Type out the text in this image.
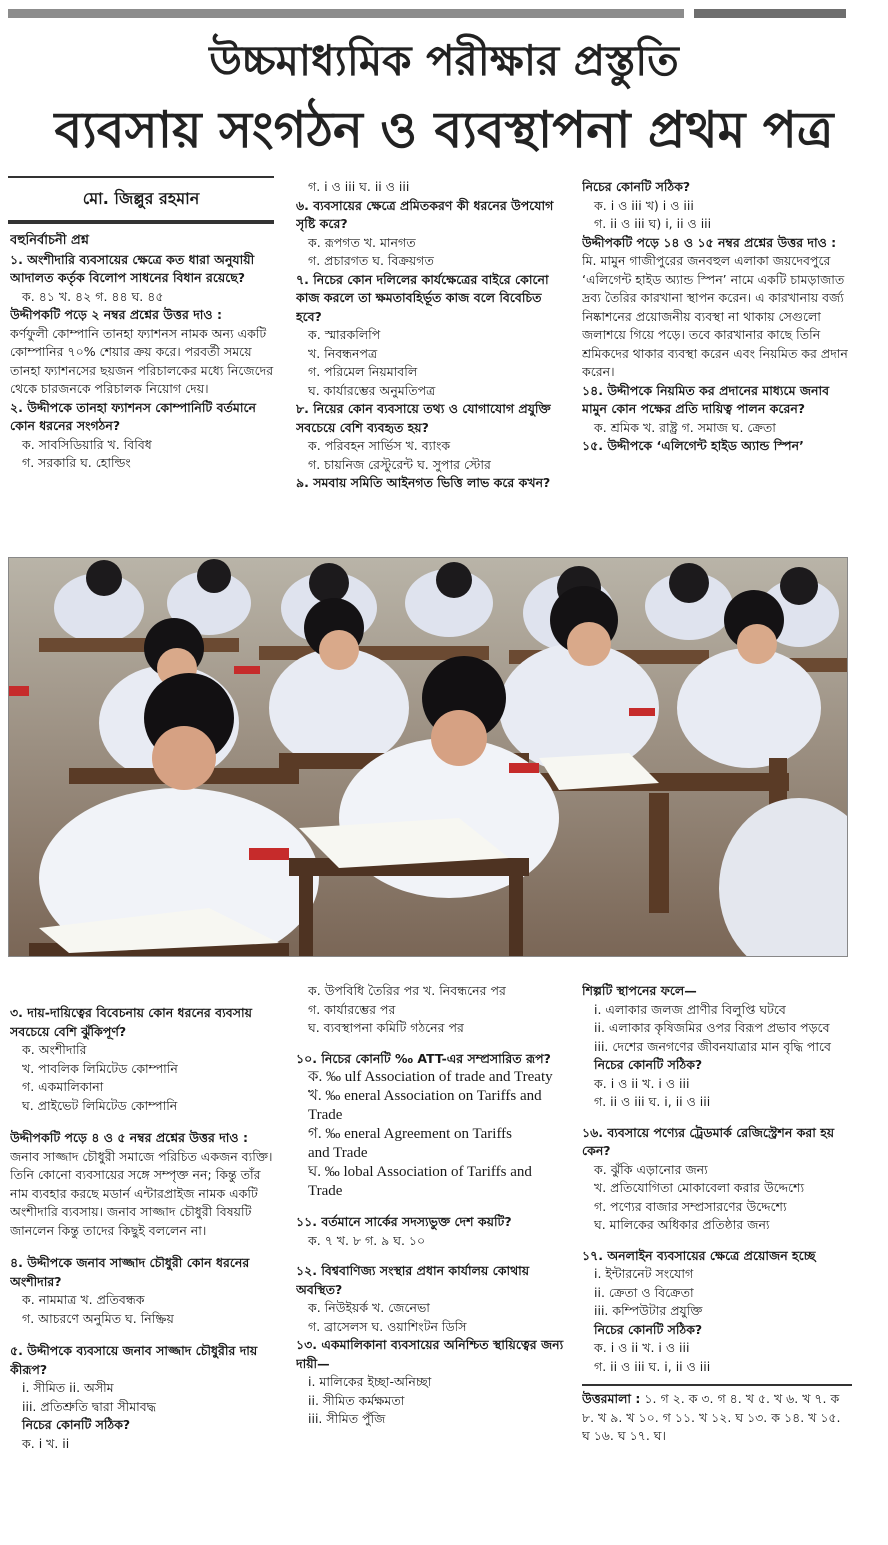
উচ্চমাধ্যমিক পরীক্ষার প্রস্তুতি
ব্যবসায় সংগঠন ও ব্যবস্থাপনা প্রথম পত্র
মো. জিল্লুর রহমান

বহুনির্বাচনী প্রশ্ন

১. অংশীদারি ব্যবসায়ের ক্ষেত্রে কত ধারা অনুযায়ী আদালত কর্তৃক বিলোপ সাধনের বিধান রয়েছে?

ক. ৪১ খ. ৪২ গ. ৪৪ ঘ. ৪৫

উদ্দীপকটি পড়ে ২ নম্বর প্রশ্নের উত্তর দাও :

কর্ণফুলী কোম্পানি তানহা ফ্যাশনস নামক অন্য একটি কোম্পানির ৭০% শেয়ার ক্রয় করে। পরবর্তী সময়ে তানহা ফ্যাশনসের ছয়জন পরিচালকের মধ্যে নিজেদের থেকে চারজনকে পরিচালক নিয়োগ দেয়।

২. উদ্দীপকে তানহা ফ্যাশনস কোম্পানিটি বর্তমানে কোন ধরনের সংগঠন?

ক. সাবসিডিয়ারি খ. বিবিধ

গ. সরকারি ঘ. হোল্ডিং

গ. i ও iii ঘ. ii ও iii

৬. ব্যবসায়ের ক্ষেত্রে প্রমিতকরণ কী ধরনের উপযোগ সৃষ্টি করে?

ক. রূপগত খ. মানগত

গ. প্রচারগত ঘ. বিক্রয়গত

৭. নিচের কোন দলিলের কার্যক্ষেত্রের বাইরে কোনো কাজ করলে তা ক্ষমতাবহির্ভূত কাজ বলে বিবেচিত হবে?

ক. স্মারকলিপি

খ. নিবন্ধনপত্র

গ. পরিমেল নিয়মাবলি

ঘ. কার্যারম্ভের অনুমতিপত্র

৮. নিয়ের কোন ব্যবসায়ে তথ্য ও যোগাযোগ প্রযুক্তি সবচেয়ে বেশি ব্যবহৃত হয়?

ক. পরিবহন সার্ভিস খ. ব্যাংক

গ. চায়নিজ রেস্টুরেন্ট ঘ. সুপার স্টোর

৯. সমবায় সমিতি আইনগত ভিত্তি লাভ করে কখন?

নিচের কোনটি সঠিক?

ক. i ও iii খ) i ও iii

গ. ii ও iii ঘ) i, ii ও iii

উদ্দীপকটি পড়ে ১৪ ও ১৫ নম্বর প্রশ্নের উত্তর দাও :

মি. মামুন গাজীপুরের জনবহুল এলাকা জয়দেবপুরে ‘এলিগেন্ট হাইড অ্যান্ড স্পিন’ নামে একটি চামড়াজাত দ্রব্য তৈরির কারখানা স্থাপন করেন। এ কারখানায় বর্জ্য নিষ্কাশনের প্রয়োজনীয় ব্যবস্থা না থাকায় সেগুলো জলাশয়ে গিয়ে পড়ে। তবে কারখানার কাছে তিনি শ্রমিকদের থাকার ব্যবস্থা করেন এবং নিয়মিত কর প্রদান করেন।

১৪. উদ্দীপকে নিয়মিত কর প্রদানের মাধ্যমে জনাব মামুন কোন পক্ষের প্রতি দায়িত্ব পালন করেন?

ক. শ্রমিক খ. রাষ্ট্র গ. সমাজ ঘ. ক্রেতা

১৫. উদ্দীপকে ‘এলিগেন্ট হাইড অ্যান্ড স্পিন’

৩. দায়-দায়িত্বের বিবেচনায় কোন ধরনের ব্যবসায় সবচেয়ে বেশি ঝুঁকিপূর্ণ?

ক. অংশীদারি

খ. পাবলিক লিমিটেড কোম্পানি

গ. একমালিকানা

ঘ. প্রাইভেট লিমিটেড কোম্পানি

উদ্দীপকটি পড়ে ৪ ও ৫ নম্বর প্রশ্নের উত্তর দাও :

জনাব সাজ্জাদ চৌধুরী সমাজে পরিচিত একজন ব্যক্তি। তিনি কোনো ব্যবসায়ের সঙ্গে সম্পৃক্ত নন; কিন্তু তাঁর নাম ব্যবহার করছে মডার্ন এন্টারপ্রাইজ নামক একটি অংশীদারি ব্যবসায়। জনাব সাজ্জাদ চৌধুরী বিষয়টি জানলেন কিন্তু তাদের কিছুই বললেন না।

৪. উদ্দীপকে জনাব সাজ্জাদ চৌধুরী কোন ধরনের অংশীদার?

ক. নামমাত্র খ. প্রতিবন্ধক

গ. আচরণে অনুমিত ঘ. নিষ্ক্রিয়

৫. উদ্দীপকে ব্যবসায়ে জনাব সাজ্জাদ চৌধুরীর দায় কীরূপ?

i. সীমিত ii. অসীম

iii. প্রতিশ্রুতি দ্বারা সীমাবদ্ধ

নিচের কোনটি সঠিক?

ক. i খ. ii

ক. উপবিধি তৈরির পর খ. নিবন্ধনের পর

গ. কার্যারম্ভের পর

ঘ. ব্যবস্থাপনা কমিটি গঠনের পর

১০. নিচের কোনটি ‰ ATT-এর সম্প্রসারিত রূপ?

ক. ‰ ulf Association of trade and Treaty

খ. ‰ eneral Association on Tariffs and Trade

গ. ‰ eneral Agreement on Tariffs

and Trade

ঘ. ‰ lobal Association of Tariffs and Trade

১১. বর্তমানে সার্কের সদস্যভুক্ত দেশ কয়টি?

ক. ৭ খ. ৮ গ. ৯ ঘ. ১০

১২. বিশ্ববাণিজ্য সংস্থার প্রধান কার্যালয় কোথায় অবস্থিত?

ক. নিউইয়র্ক খ. জেনেভা

গ. ব্রাসেলস ঘ. ওয়াশিংটন ডিসি

১৩. একমালিকানা ব্যবসায়ের অনিশ্চিত স্থায়িত্বের জন্য দায়ী—

i. মালিকের ইচ্ছা-অনিচ্ছা

ii. সীমিত কর্মক্ষমতা

iii. সীমিত পুঁজি

শিল্পটি স্থাপনের ফলে—

i. এলাকার জলজ প্রাণীর বিলুপ্তি ঘটবে

ii. এলাকার কৃষিজমির ওপর বিরূপ প্রভাব পড়বে

iii. দেশের জনগণের জীবনযাত্রার মান বৃদ্ধি পাবে

নিচের কোনটি সঠিক?

ক. i ও ii খ. i ও iii

গ. ii ও iii ঘ. i, ii ও iii

১৬. ব্যবসায়ে পণ্যের ট্রেডমার্ক রেজিস্ট্রেশন করা হয় কেন?

ক. ঝুঁকি এড়ানোর জন্য

খ. প্রতিযোগিতা মোকাবেলা করার উদ্দেশ্যে

গ. পণ্যের বাজার সম্প্রসারণের উদ্দেশ্যে

ঘ. মালিকের অধিকার প্রতিষ্ঠার জন্য

১৭. অনলাইন ব্যবসায়ের ক্ষেত্রে প্রয়োজন হচ্ছে

i. ইন্টারনেট সংযোগ

ii. ক্রেতা ও বিক্রেতা

iii. কম্পিউটার প্রযুক্তি

নিচের কোনটি সঠিক?

ক. i ও ii খ. i ও iii

গ. ii ও iii ঘ. i, ii ও iii

উত্তরমালা : ১. গ ২. ক ৩. গ ৪. খ ৫. খ ৬. খ ৭. ক ৮. খ ৯. খ ১০. গ ১১. খ ১২. ঘ ১৩. ক ১৪. খ ১৫. ঘ ১৬. ঘ ১৭. ঘ।
